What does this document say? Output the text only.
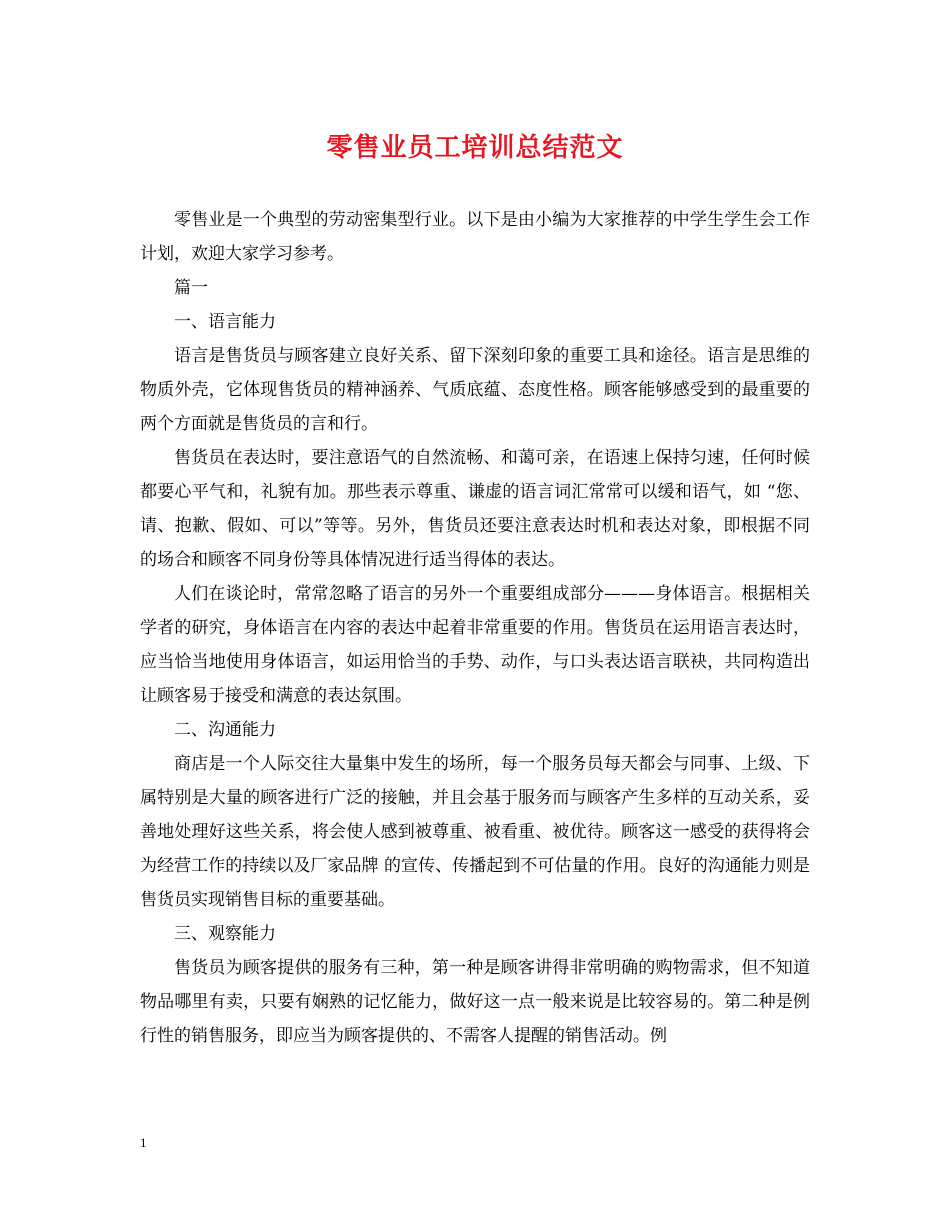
零售业员工培训总结范文

零售业是一个典型的劳动密集型行业。以下是由小编为大家推荐的中学生学生会工作计划，欢迎大家学习参考。

篇一

一、语言能力

语言是售货员与顾客建立良好关系、留下深刻印象的重要工具和途径。语言是思维的物质外壳，它体现售货员的精神涵养、气质底蕴、态度性格。顾客能够感受到的最重要的两个方面就是售货员的言和行。

售货员在表达时，要注意语气的自然流畅、和蔼可亲，在语速上保持匀速，任何时候都要心平气和，礼貌有加。那些表示尊重、谦虚的语言词汇常常可以缓和语气，如 “您、请、抱歉、假如、可以”等等。另外，售货员还要注意表达时机和表达对象，即根据不同的场合和顾客不同身份等具体情况进行适当得体的表达。

人们在谈论时，常常忽略了语言的另外一个重要组成部分———身体语言。根据相关学者的研究，身体语言在内容的表达中起着非常重要的作用。售货员在运用语言表达时，应当恰当地使用身体语言，如运用恰当的手势、动作，与口头表达语言联袂，共同构造出让顾客易于接受和满意的表达氛围。

二、沟通能力

商店是一个人际交往大量集中发生的场所，每一个服务员每天都会与同事、上级、下属特别是大量的顾客进行广泛的接触，并且会基于服务而与顾客产生多样的互动关系，妥善地处理好这些关系，将会使人感到被尊重、被看重、被优待。顾客这一感受的获得将会为经营工作的持续以及厂家品牌 的宣传、传播起到不可估量的作用。良好的沟通能力则是售货员实现销售目标的重要基础。

三、观察能力

售货员为顾客提供的服务有三种，第一种是顾客讲得非常明确的购物需求，但不知道物品哪里有卖，只要有娴熟的记忆能力，做好这一点一般来说是比较容易的。第二种是例行性的销售服务，即应当为顾客提供的、不需客人提醒的销售活动。例

1
